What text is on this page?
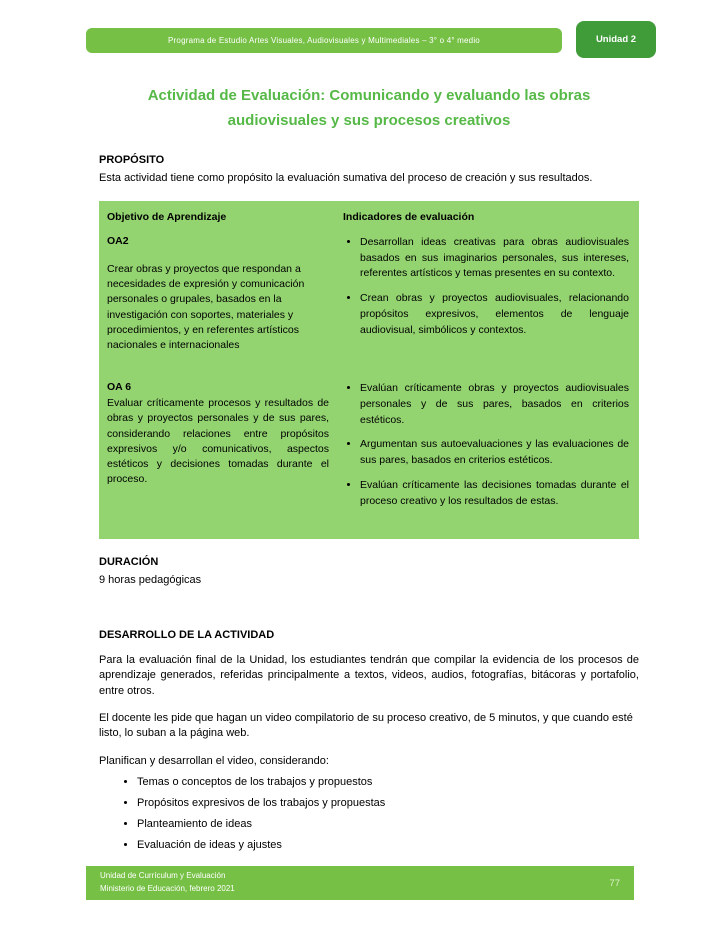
Programa de Estudio Artes Visuales, Audiovisuales y Multimediales – 3° o 4° medio	Unidad 2
Actividad de Evaluación: Comunicando y evaluando las obras audiovisuales y sus procesos creativos
PROPÓSITO
Esta actividad tiene como propósito la evaluación sumativa del proceso de creación y sus resultados.
Objetivo de Aprendizaje	Indicadores de evaluación
OA2
Crear obras y proyectos que respondan a necesidades de expresión y comunicación personales o grupales, basados en la investigación con soportes, materiales y procedimientos, y en referentes artísticos nacionales e internacionales
• Desarrollan ideas creativas para obras audiovisuales basados en sus imaginarios personales, sus intereses, referentes artísticos y temas presentes en su contexto.
• Crean obras y proyectos audiovisuales, relacionando propósitos expresivos, elementos de lenguaje audiovisual, simbólicos y contextos.
OA 6
Evaluar críticamente procesos y resultados de obras y proyectos personales y de sus pares, considerando relaciones entre propósitos expresivos y/o comunicativos, aspectos estéticos y decisiones tomadas durante el proceso.
• Evalúan críticamente obras y proyectos audiovisuales personales y de sus pares, basados en criterios estéticos.
• Argumentan sus autoevaluaciones y las evaluaciones de sus pares, basados en criterios estéticos.
• Evalúan críticamente las decisiones tomadas durante el proceso creativo y los resultados de estas.
DURACIÓN
9 horas pedagógicas
DESARROLLO DE LA ACTIVIDAD
Para la evaluación final de la Unidad, los estudiantes tendrán que compilar la evidencia de los procesos de aprendizaje generados, referidas principalmente a textos, videos, audios, fotografías, bitácoras y portafolio, entre otros.
El docente les pide que hagan un video compilatorio de su proceso creativo, de 5 minutos, y que cuando esté listo, lo suban a la página web.
Planifican y desarrollan el video, considerando:
• Temas o conceptos de los trabajos y propuestos
• Propósitos expresivos de los trabajos y propuestas
• Planteamiento de ideas
• Evaluación de ideas y ajustes
Unidad de Currículum y Evaluación
Ministerio de Educación, febrero 2021	77
